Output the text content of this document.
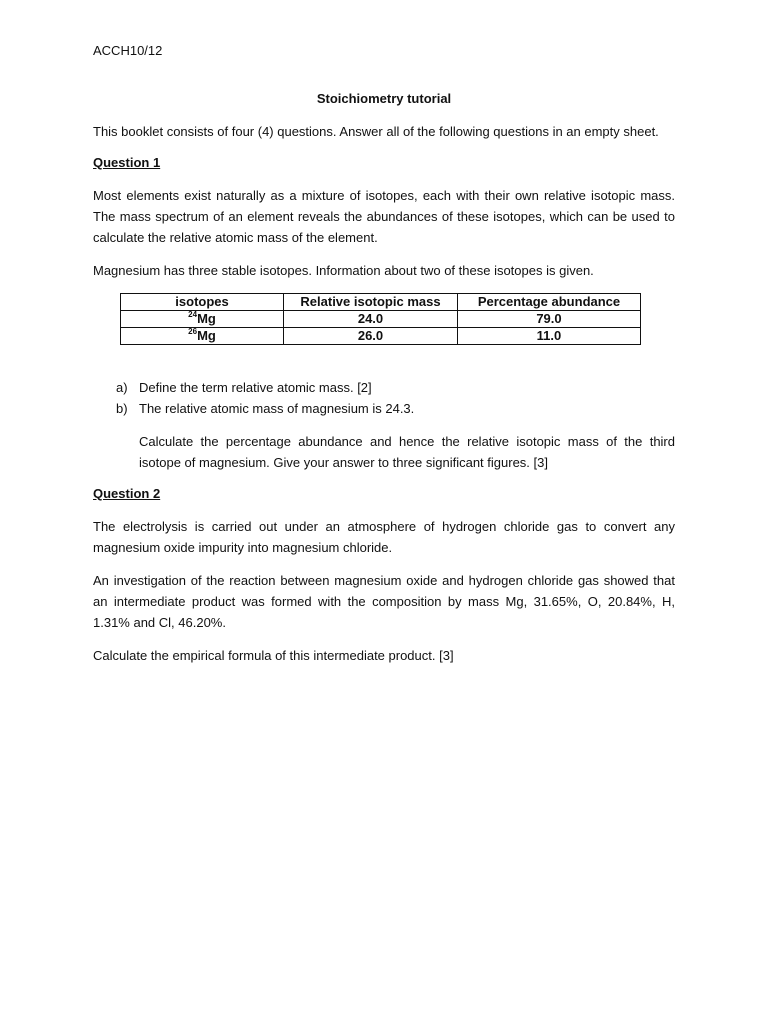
ACCH10/12
Stoichiometry tutorial

This booklet consists of four (4) questions. Answer all of the following questions in an empty sheet.

Question 1

Most elements exist naturally as a mixture of isotopes, each with their own relative isotopic mass. The mass spectrum of an element reveals the abundances of these isotopes, which can be used to calculate the relative atomic mass of the element.

Magnesium has three stable isotopes. Information about two of these isotopes is given.

isotopes	Relative isotopic mass	Percentage abundance
$^{24}$Mg	24.0	79.0
$^{26}$Mg	26.0	11.0
a) Define the term relative atomic mass. [2]
b) The relative atomic mass of magnesium is 24.3.
Calculate the percentage abundance and hence the relative isotopic mass of the third isotope of magnesium. Give your answer to three significant figures. [3]
Question 2

The electrolysis is carried out under an atmosphere of hydrogen chloride gas to convert any magnesium oxide impurity into magnesium chloride.

An investigation of the reaction between magnesium oxide and hydrogen chloride gas showed that an intermediate product was formed with the composition by mass Mg, 31.65%, O, 20.84%, H, 1.31% and Cl, 46.20%.

Calculate the empirical formula of this intermediate product. [3]
